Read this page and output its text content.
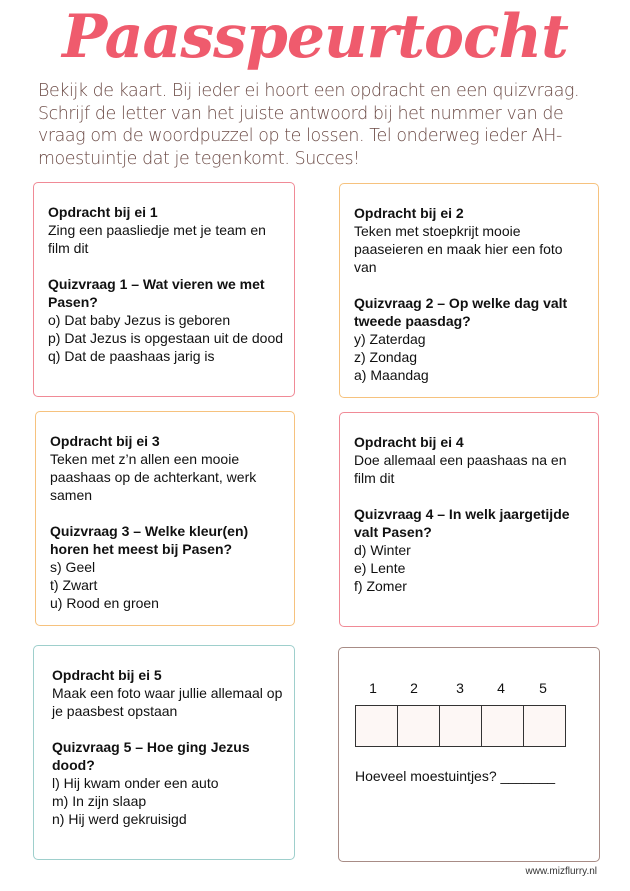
Paasspeurtocht
Bekijk de kaart. Bij ieder ei hoort een opdracht en een quizvraag. Schrijf de letter van het juiste antwoord bij het nummer van de vraag om de woordpuzzel op te lossen. Tel onderweg ieder AH-moestuintje dat je tegenkomt. Succes!
Opdracht bij ei 1
Zing een paasliedje met je team en film dit
Quizvraag 1 – Wat vieren we met Pasen?
o) Dat baby Jezus is geboren
p) Dat Jezus is opgestaan uit de dood
q) Dat de paashaas jarig is
Opdracht bij ei 2
Teken met stoepkrijt mooie paaseieren en maak hier een foto van
Quizvraag 2 – Op welke dag valt tweede paasdag?
y) Zaterdag
z) Zondag
a) Maandag
Opdracht bij ei 3
Teken met z’n allen een mooie paashaas op de achterkant, werk samen
Quizvraag 3 – Welke kleur(en) horen het meest bij Pasen?
s) Geel
t) Zwart
u) Rood en groen
Opdracht bij ei 4
Doe allemaal een paashaas na en film dit
Quizvraag 4 – In welk jaargetijde valt Pasen?
d) Winter
e) Lente
f) Zomer
Opdracht bij ei 5
Maak een foto waar jullie allemaal op je paasbest opstaan
Quizvraag 5 – Hoe ging Jezus dood?
l) Hij kwam onder een auto
m) In zijn slaap
n) Hij werd gekruisigd
1	2	3	4	5
Hoeveel moestuintjes? _______
www.mizflurry.nl
